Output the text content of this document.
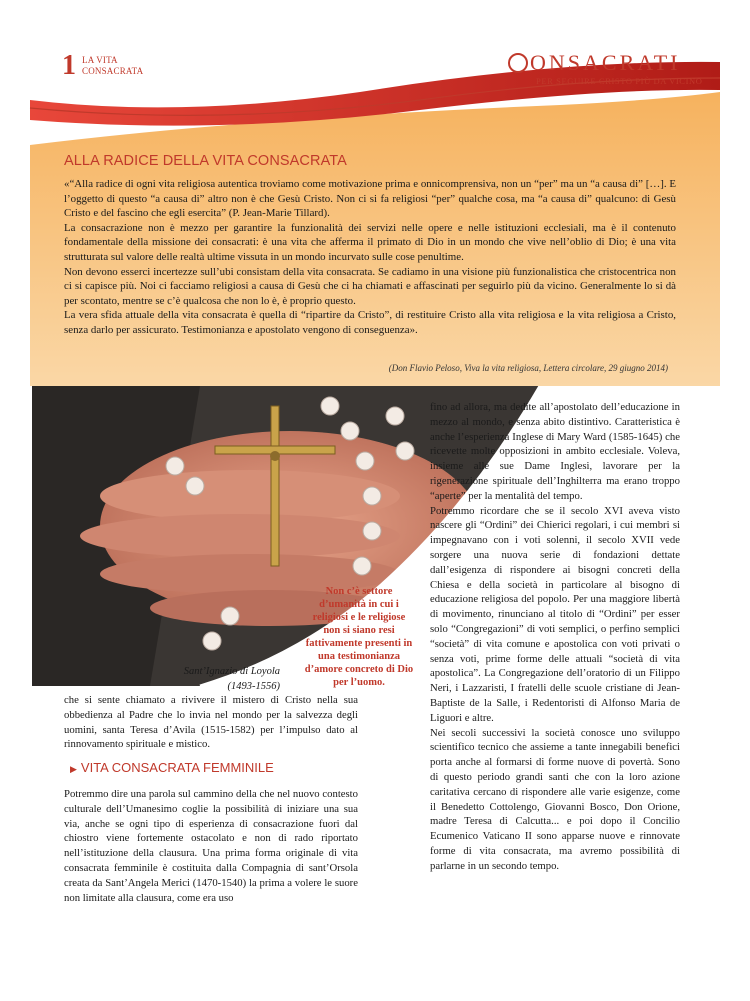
1 LA VITA
CONSACRATA	ONSACRATI
PER SEGUIRE CRISTO PIÙ DA VICINO
ALLA RADICE DELLA VITA CONSACRATA

«“Alla radice di ogni vita religiosa autentica troviamo come motivazione prima e onnicomprensiva, non un “per” ma un “a causa di” […]. E l’oggetto di questo “a causa di” altro non è che Gesù Cristo. Non ci si fa religiosi “per” qualche cosa, ma “a causa di” qualcuno: di Gesù Cristo e del fascino che egli esercita” (P. Jean-Marie Tillard).

La consacrazione non è mezzo per garantire la funzionalità dei servizi nelle opere e nelle istituzioni ecclesiali, ma è il contenuto fondamentale della missione dei consacrati: è una vita che afferma il primato di Dio in un mondo che vive nell’oblio di Dio; è una vita strutturata sul valore delle realtà ultime vissuta in un mondo incurvato sulle cose penultime.

Non devono esserci incertezze sull’ubi consistam della vita consacrata. Se cadiamo in una visione più funzionalistica che cristocentrica non ci si capisce più. Noi ci facciamo religiosi a causa di Gesù che ci ha chiamati e affascinati per seguirlo più da vicino. Generalmente lo si dà per scontato, mentre se c’è qualcosa che non lo è, è proprio questo.

La vera sfida attuale della vita consacrata è quella di “ripartire da Cristo”, di restituire Cristo alla vita religiosa e la vita religiosa a Cristo, senza darlo per assicurato. Testimonianza e apostolato vengono di conseguenza».

(Don Flavio Peloso, Viva la vita religiosa, Lettera circolare, 29 giugno 2014)
Non c’è settore d’umanità in cui i religiosi e le religiose non si siano resi fattivamente presenti in una testimonianza d’amore concreto di Dio per l’uomo.
Sant’Ignazio di Loyola (1493-1556)

che si sente chiamato a rivivere il mistero di Cristo nella sua obbedienza al Padre che lo invia nel mondo per la salvezza degli uomini, santa Teresa d’Avila (1515-1582) per l’impulso dato al rinnovamento spirituale e mistico.

▶ VITA CONSACRATA FEMMINILE
Potremmo dire una parola sul cammino della che nel nuovo contesto culturale dell’Umanesimo coglie la possibilità di iniziare una sua via, anche se ogni tipo di esperienza di consacrazione fuori dal chiostro viene fortemente ostacolato e non di rado riportato nell’istituzione della clausura. Una prima forma originale di vita consacrata femminile è costituita dalla Compagnia di sant’Orsola creata da Sant’Angela Merici (1470-1540) la prima a volere le suore non limitate alla clausura, come era uso

fino ad allora, ma dedite all’apostolato dell’educazione in mezzo al mondo, e senza abito distintivo. Caratteristica è anche l’esperienza Inglese di Mary Ward (1585-1645) che ricevette molte opposizioni in ambito ecclesiale. Voleva, insieme alle sue Dame Inglesi, lavorare per la rigenerazione spirituale dell’Inghilterra ma erano troppo “aperte” per la mentalità del tempo.

Potremmo ricordare che se il secolo XVI aveva visto nascere gli “Ordini” dei Chierici regolari, i cui membri si impegnavano con i voti solenni, il secolo XVII vede sorgere una nuova serie di fondazioni dettate dall’esigenza di rispondere ai bisogni concreti della Chiesa e della società in particolare al bisogno di educazione religiosa del popolo. Per una maggiore libertà di movimento, rinunciano al titolo di “Ordini” per esser solo “Congregazioni” di voti semplici, o perfino semplici “società” di vita comune e apostolica con voti privati o senza voti, prime forme delle attuali “società di vita apostolica”. La Congregazione dell’oratorio di un Filippo Neri, i Lazzaristi, I fratelli delle scuole cristiane di Jean-Baptiste de la Salle, i Redentoristi di Alfonso Maria de Liguori e altre.

Nei secoli successivi la società conosce uno sviluppo scientifico tecnico che assieme a tante innegabili benefici porta anche al formarsi di forme nuove di povertà. Sono di questo periodo grandi santi che con la loro azione caritativa cercano di rispondere alle varie esigenze, come il Benedetto Cottolengo, Giovanni Bosco, Don Orione, madre Teresa di Calcutta... e poi dopo il Concilio Ecumenico Vaticano II sono apparse nuove e rinnovate forme di vita consacrata, ma avremo possibilità di parlarne in un secondo tempo.
